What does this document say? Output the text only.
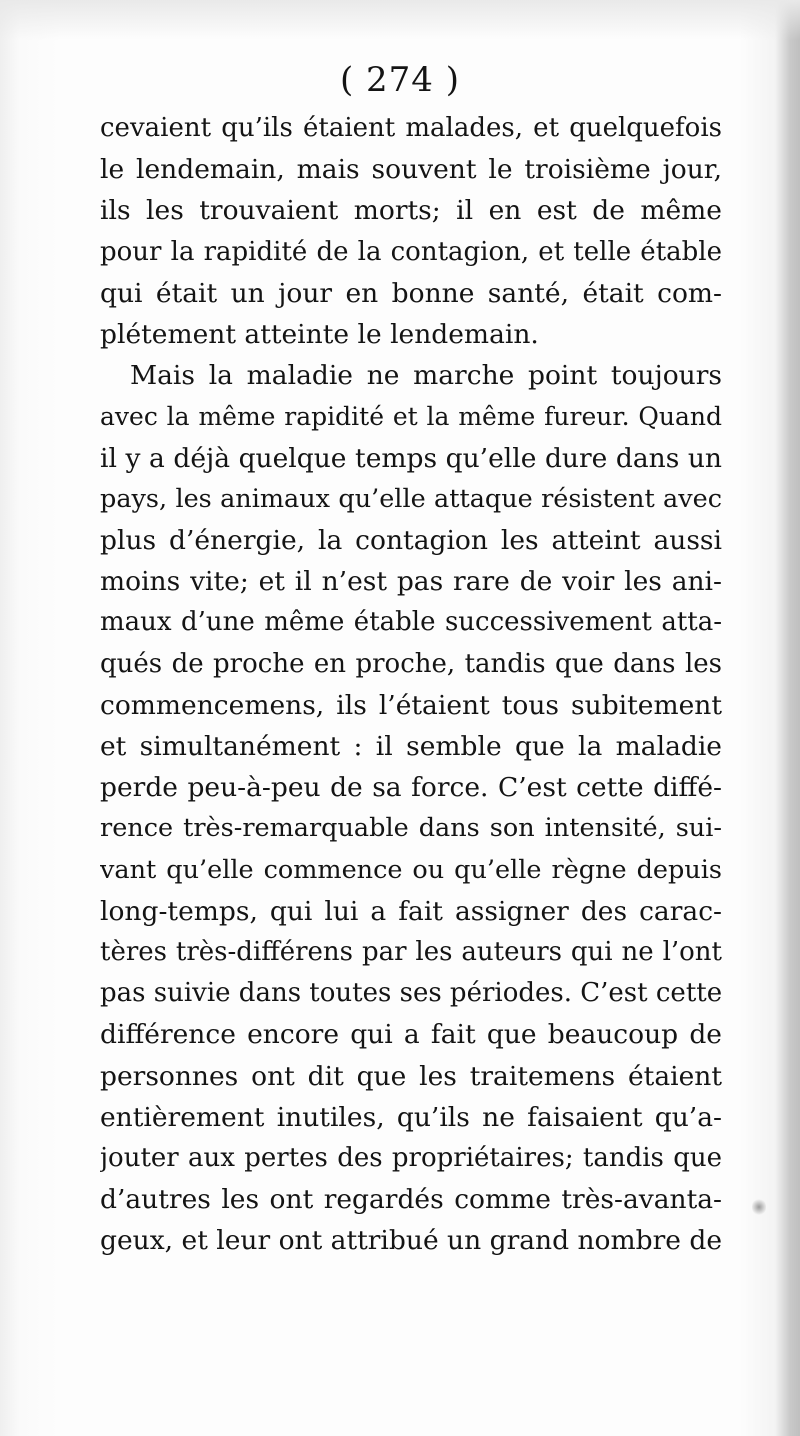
( 274 )
cevaient qu’ils étaient malades, et quelquefois
le lendemain, mais souvent le troisième jour,
ils les trouvaient morts; il en est de même
pour la rapidité de la contagion, et telle étable
qui était un jour en bonne santé, était com-
plétement atteinte le lendemain.
Mais la maladie ne marche point toujours
avec la même rapidité et la même fureur. Quand
il y a déjà quelque temps qu’elle dure dans un
pays, les animaux qu’elle attaque résistent avec
plus d’énergie, la contagion les atteint aussi
moins vite; et il n’est pas rare de voir les ani-
maux d’une même étable successivement atta-
qués de proche en proche, tandis que dans les
commencemens, ils l’étaient tous subitement
et simultanément : il semble que la maladie
perde peu-à-peu de sa force. C’est cette diffé-
rence très-remarquable dans son intensité, sui-
vant qu’elle commence ou qu’elle règne depuis
long-temps, qui lui a fait assigner des carac-
tères très-différens par les auteurs qui ne l’ont
pas suivie dans toutes ses périodes. C’est cette
différence encore qui a fait que beaucoup de
personnes ont dit que les traitemens étaient
entièrement inutiles, qu’ils ne faisaient qu’a-
jouter aux pertes des propriétaires; tandis que
d’autres les ont regardés comme très-avanta-
geux, et leur ont attribué un grand nombre de
